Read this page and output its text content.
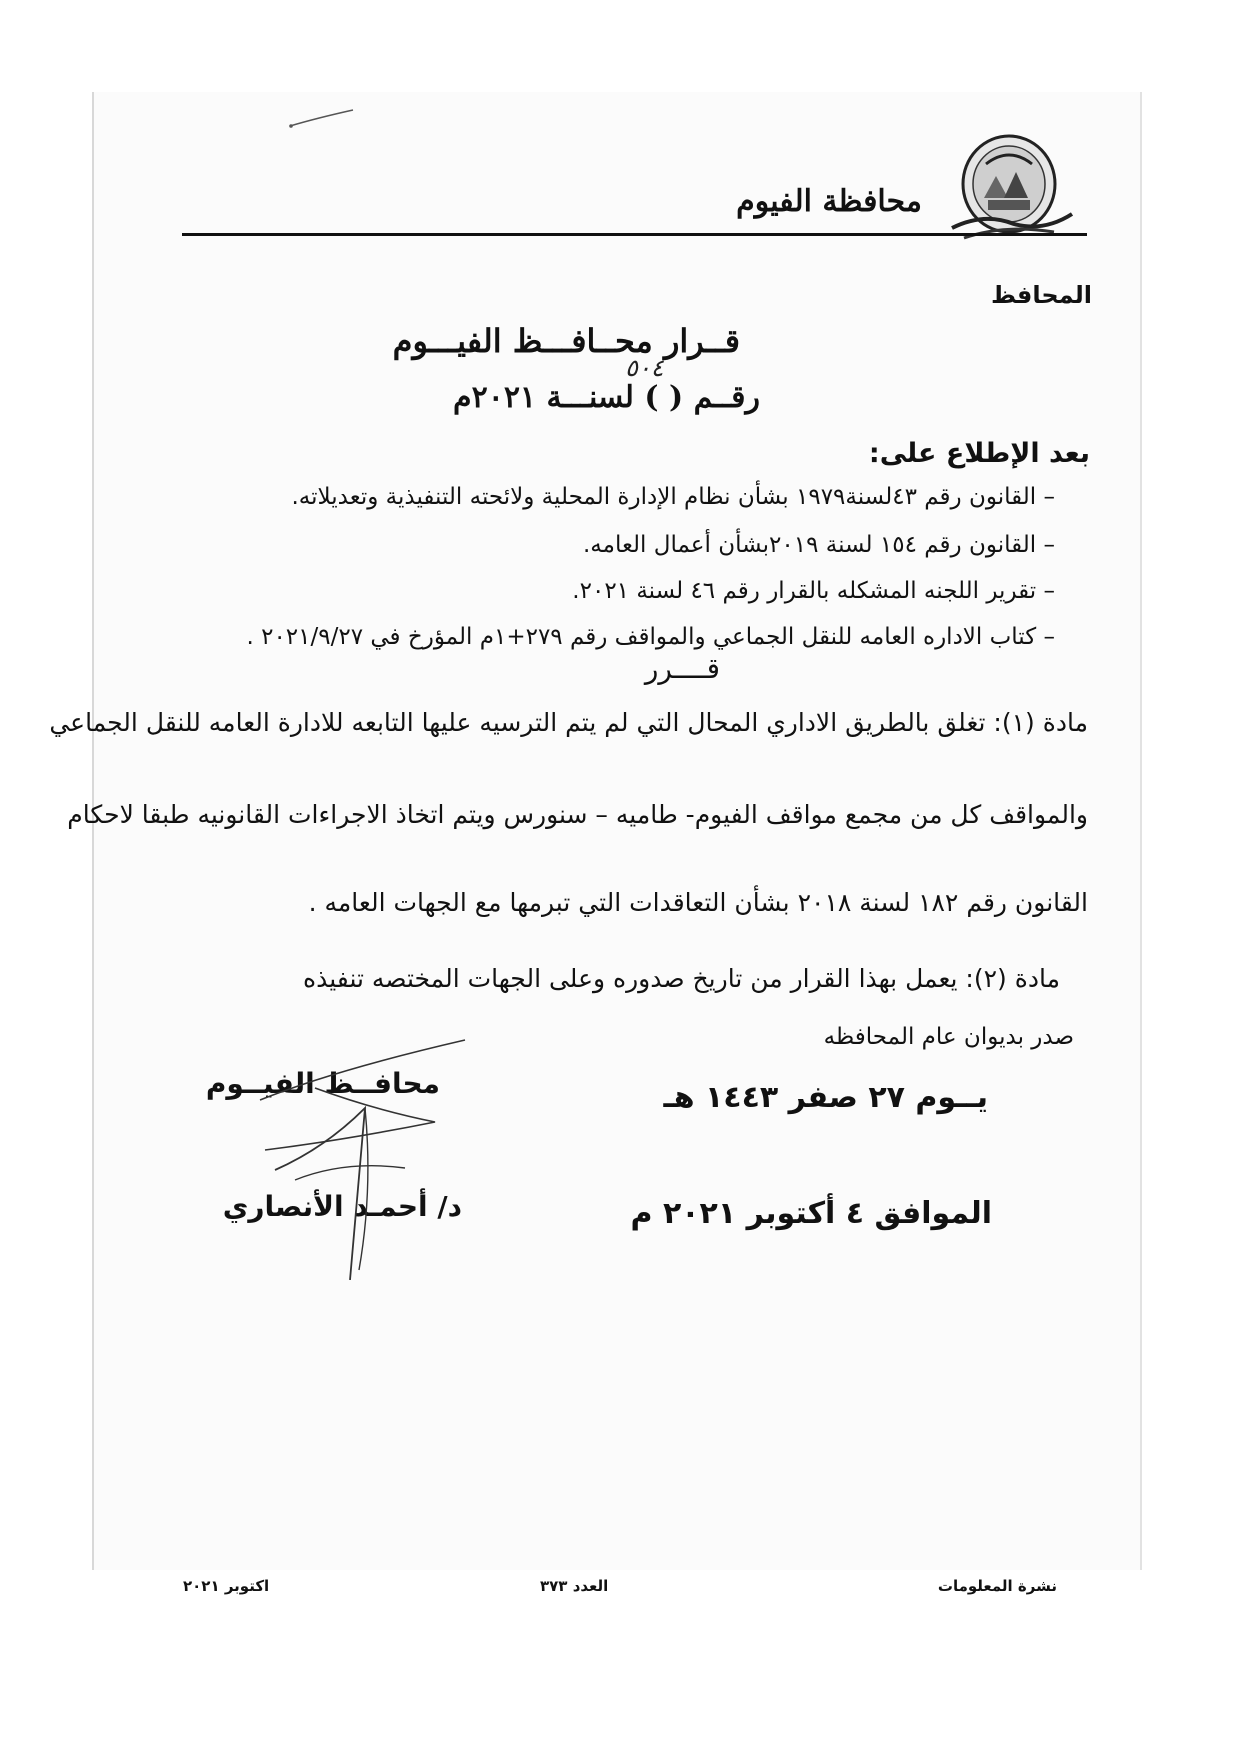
محافظة الفيوم
المحافظ
قــرار محــافـــظ الفيـــوم
٥٠٤
رقــم ( ) لسنـــة ٢٠٢١م
بعد الإطلاع على:
– القانون رقم ٤٣لسنة١٩٧٩ بشأن نظام الإدارة المحلية ولائحته التنفيذية وتعديلاته.
– القانون رقم ١٥٤ لسنة ٢٠١٩بشأن أعمال العامه.
– تقرير اللجنه المشكله بالقرار رقم ٤٦ لسنة ٢٠٢١.
– كتاب الاداره العامه للنقل الجماعي والمواقف رقم ٢٧٩+١م المؤرخ في ٢٠٢١/٩/٢٧ .
قــــرر
مادة (١): تغلق بالطريق الاداري المحال التي لم يتم الترسيه عليها التابعه للادارة العامه للنقل الجماعي
والمواقف كل من مجمع مواقف الفيوم- طاميه – سنورس ويتم اتخاذ الاجراءات القانونيه طبقا لاحكام
القانون رقم ١٨٢ لسنة ٢٠١٨ بشأن التعاقدات التي تبرمها مع الجهات العامه .
مادة (٢): يعمل بهذا القرار من تاريخ صدوره وعلى الجهات المختصه تنفيذه
صدر بديوان عام المحافظه
يــوم ٢٧ صفر ١٤٤٣ هـ
الموافق ٤ أكتوبر ٢٠٢١ م
محافــظ الفيــوم
د/ أحمـد الأنصاري
نشرة المعلومات
العدد ٣٧٣
اكتوبر ٢٠٢١
